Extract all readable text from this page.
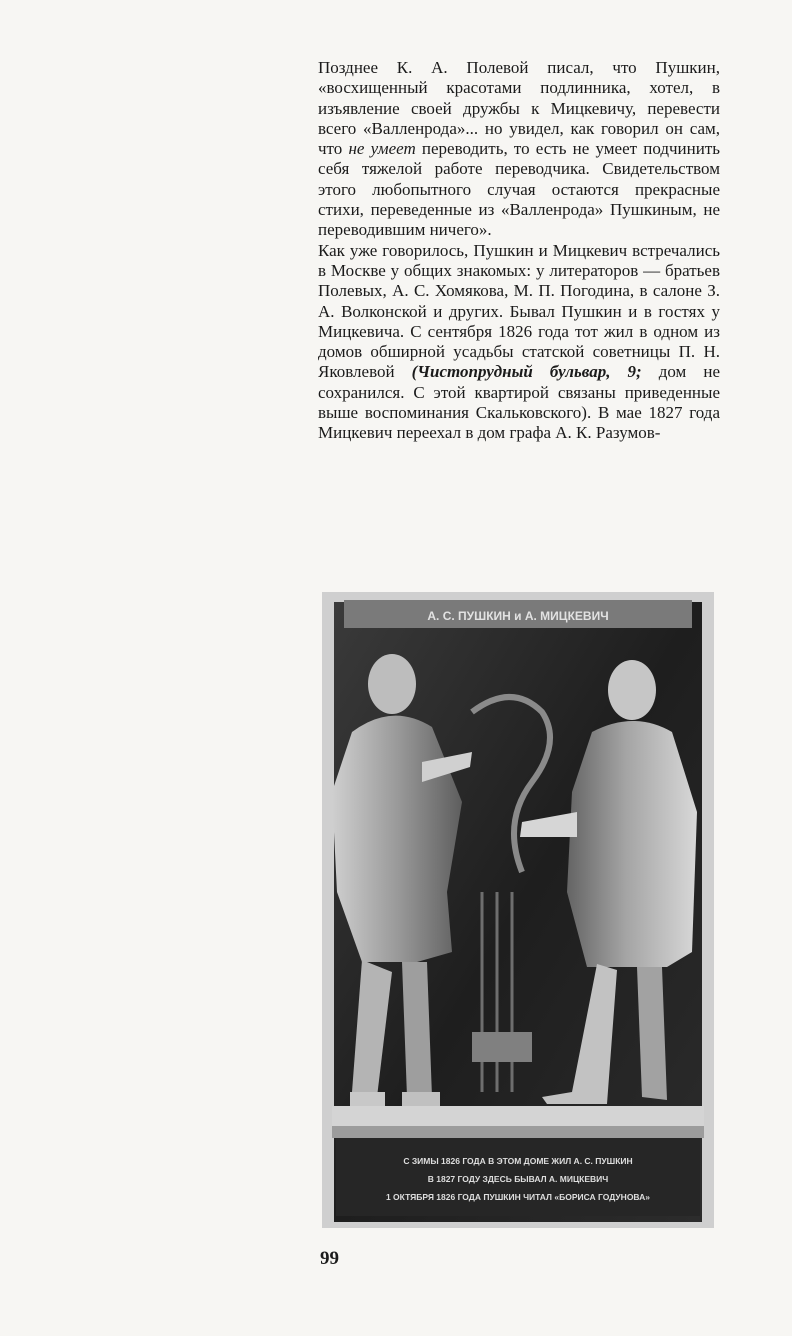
Позднее К. А. Полевой писал, что Пушкин, «восхищенный красотами подлинника, хотел, в изъявление своей дружбы к Мицкевичу, перевести всего «Валленрода»... но увидел, как говорил он сам, что не умеет переводить, то есть не умеет подчинить себя тяжелой работе переводчика. Свидетельством этого любопытного случая остаются прекрасные стихи, переведенные из «Валленрода» Пушкиным, не переводившим ничего».

Как уже говорилось, Пушкин и Мицкевич встречались в Москве у общих знакомых: у литераторов — братьев Полевых, А. С. Хомякова, М. П. Погодина, в салоне З. А. Волконской и других. Бывал Пушкин и в гостях у Мицкевича. С сентября 1826 года тот жил в одном из домов обширной усадьбы статской советницы П. Н. Яковлевой (Чистопрудный бульвар, 9; дом не сохранился. С этой квартирой связаны приведенные выше воспоминания Скальковского). В мае 1827 года Мицкевич переехал в дом графа А. К. Разумов-

А. С. ПУШКИН и А. МИЦКЕВИЧ
С ЗИМЫ 1826 ГОДА В ЭТОМ ДОМЕ ЖИЛ А. С. ПУШКИН
В 1827 ГОДУ ЗДЕСЬ БЫВАЛ А. МИЦКЕВИЧ
1 ОКТЯБРЯ 1826 ГОДА ПУШКИН ЧИТАЛ «БОРИСА ГОДУНОВА»
99
